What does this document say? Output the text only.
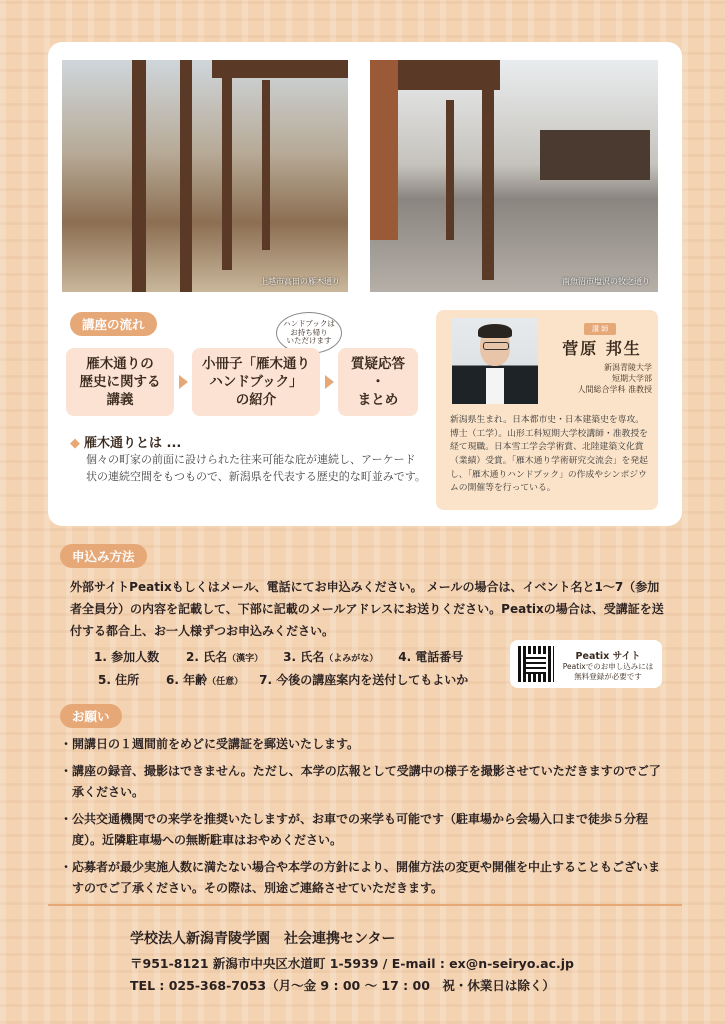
上越市高田の雁木通り	南魚沼市塩沢の牧之通り
講座の流れ	ハンドブックは
お持ち帰り
いただけます
雁木通りの
歴史に関する
講義
小冊子「雁木通り
ハンドブック」
の紹介
質疑応答
・
まとめ
◆ 雁木通りとは ...
個々の町家の前面に設けられた往来可能な庇が連続し、アーケード状の連続空間をもつもので、新潟県を代表する歴史的な町並みです。
講 師
菅原 邦生
新潟青陵大学
短期大学部
人間総合学科 准教授
新潟県生まれ。日本都市史・日本建築史を専攻。博士（工学）。山形工科短期大学校講師・准教授を経て現職。日本雪工学会学術賞、北陸建築文化賞（業績）受賞。「雁木通り学術研究交流会」を発起し、「雁木通りハンドブック」の作成やシンポジウムの開催等を行っている。
申込み方法
外部サイトPeatixもしくはメール、電話にてお申込みください。 メールの場合は、イベント名と1～7（参加者全員分）の内容を記載して、下部に記載のメールアドレスにお送りください。Peatixの場合は、受講証を送付する都合上、お一人様ずつお申込みください。
1. 参加人数 2. 氏名（漢字） 3. 氏名（よみがな） 4. 電話番号
5. 住所 6. 年齢（任意） 7. 今後の講座案内を送付してもよいか
Peatix サイト
Peatixでのお申し込みには
無料登録が必要です
お願い
・ 開講日の１週間前をめどに受講証を郵送いたします。
・ 講座の録音、撮影はできません。ただし、本学の広報として受講中の様子を撮影させていただきますのでご了承ください。
・ 公共交通機関での来学を推奨いたしますが、お車での来学も可能です（駐車場から会場入口まで徒歩５分程度）。近隣駐車場への無断駐車はおやめください。
・ 応募者が最少実施人数に満たない場合や本学の方針により、開催方法の変更や開催を中止することもございますのでご了承ください。その際は、別途ご連絡させていただきます。
学校法人新潟青陵学園　社会連携センター
〒951-8121 新潟市中央区水道町 1-5939 / E-mail : ex@n-seiryo.ac.jp
TEL : 025-368-7053（月～金 9 : 00 ～ 17 : 00　祝・休業日は除く）
